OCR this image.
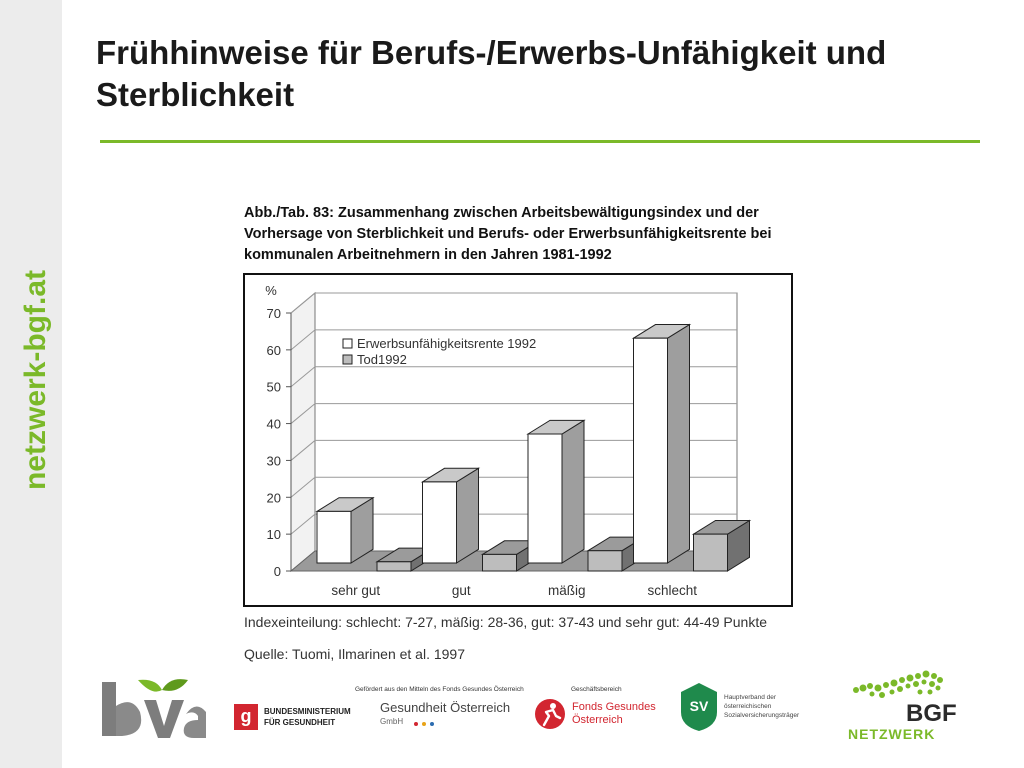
netzwerk-bgf.at
Frühhinweise für Berufs-/Erwerbs-Unfähigkeit und Sterblichkeit
Abb./Tab. 83: Zusammenhang zwischen Arbeitsbewältigungsindex und der Vorhersage von Sterblichkeit und Berufs- oder Erwerbsunfähigkeitsrente bei kommunalen Arbeitnehmern in den Jahren 1981-1992
0
10
20
30
40
50
60
70
%
sehr gut	gut	mäßig	schlecht
Erwerbsunfähigkeitsrente 1992
Tod1992
Indexeinteilung: schlecht: 7-27, mäßig: 28-36, gut: 37-43 und sehr gut: 44-49 Punkte
Quelle: Tuomi, Ilmarinen et al. 1997
g	BUNDESMINISTERIUM
FÜR GESUNDHEIT
Gefördert aus den Mitteln des Fonds Gesundes Österreich
Gesundheit Österreich
GmbH
Geschäftsbereich
Fonds Gesundes
Österreich
SV
Hauptverband der
österreichischen
Sozialversicherungsträger	BGF
NETZWERK
